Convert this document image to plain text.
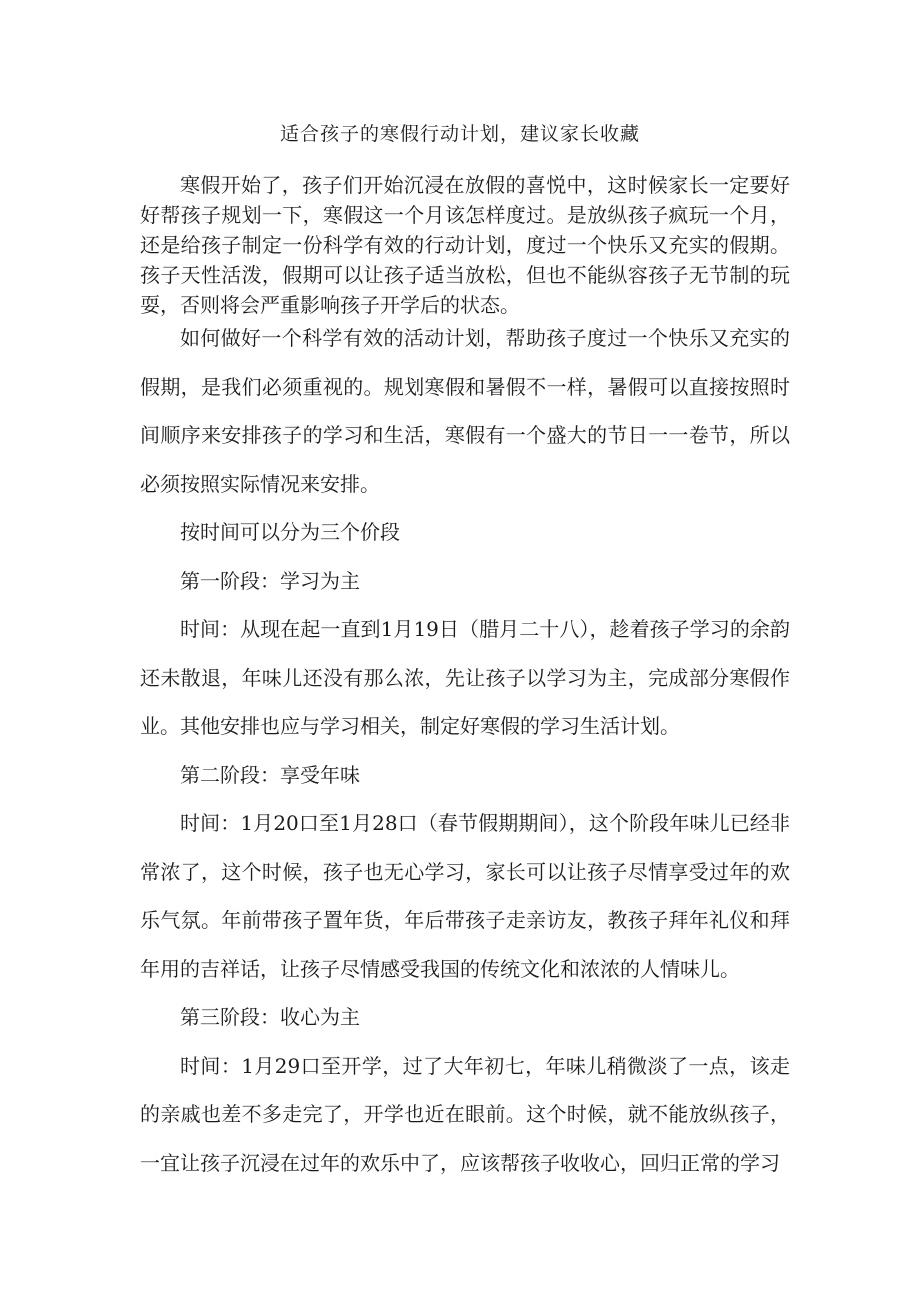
适合孩子的寒假行动计划，建议家长收藏

寒假开始了，孩子们开始沉浸在放假的喜悦中，这时候家长一定要好好帮孩子规划一下，寒假这一个月该怎样度过。是放纵孩子疯玩一个月，还是给孩子制定一份科学有效的行动计划，度过一个快乐又充实的假期。孩子天性活泼，假期可以让孩子适当放松，但也不能纵容孩子无节制的玩耍，否则将会严重影响孩子开学后的状态。

如何做好一个科学有效的活动计划，帮助孩子度过一个快乐又充实的假期，是我们必须重视的。规划寒假和暑假不一样，暑假可以直接按照时间顺序来安排孩子的学习和生活，寒假有一个盛大的节日一一卷节，所以必须按照实际情况来安排。

按时间可以分为三个价段

第一阶段：学习为主

时间：从现在起一直到1月19日（腊月二十八），趁着孩子学习的余韵还未散退，年味儿还没有那么浓，先让孩子以学习为主，完成部分寒假作业。其他安排也应与学习相关，制定好寒假的学习生活计划。

第二阶段：享受年味

时间：1月20口至1月28口（春节假期期间），这个阶段年味儿已经非常浓了，这个时候，孩子也无心学习，家长可以让孩子尽情享受过年的欢乐气氛。年前带孩子置年货，年后带孩子走亲访友，教孩子拜年礼仪和拜年用的吉祥话，让孩子尽情感受我国的传统文化和浓浓的人情味儿。

第三阶段：收心为主

时间：1月29口至开学，过了大年初七，年味儿稍微淡了一点，该走的亲戚也差不多走完了，开学也近在眼前。这个时候，就不能放纵孩子，一宜让孩子沉浸在过年的欢乐中了，应该帮孩子收收心，回归正常的学习
